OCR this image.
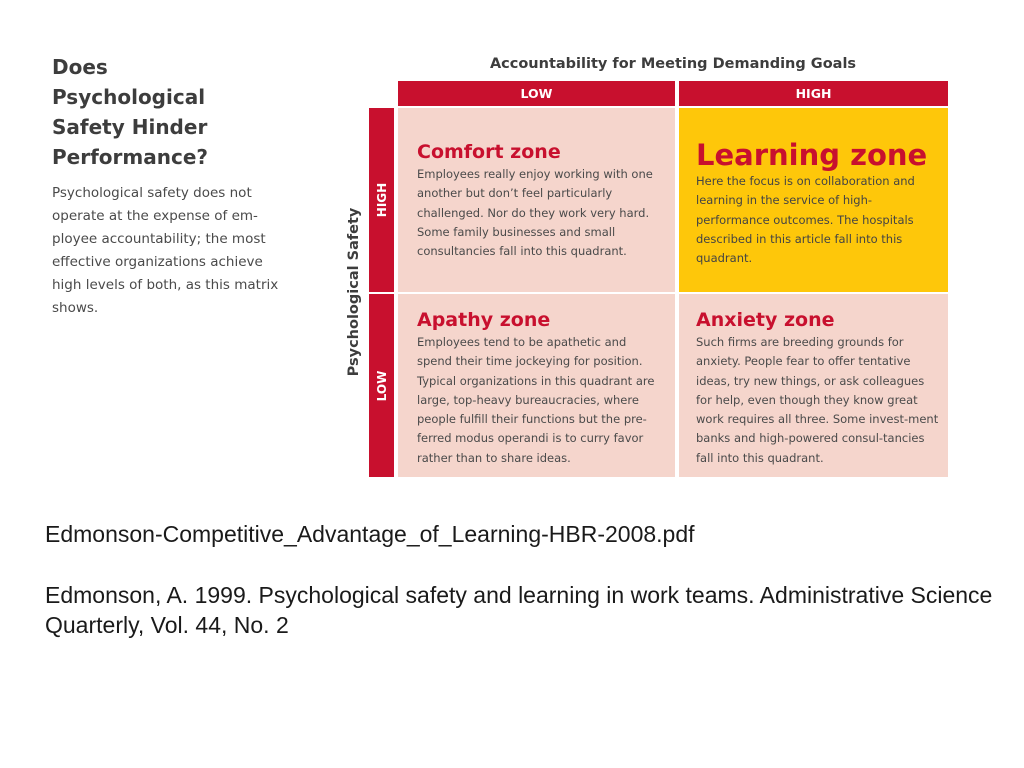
Does Psychological Safety Hinder Performance?

Psychological safety does not operate at the expense of em-ployee accountability; the most effective organizations achieve high levels of both, as this matrix shows.

Accountability for Meeting Demanding Goals
LOW	HIGH
Psychological Safety
HIGH
LOW
Comfort zone

Employees really enjoy working with one another but don’t feel particularly challenged. Nor do they work very hard. Some family businesses and small consultancies fall into this quadrant.

Learning zone

Here the focus is on collaboration and learning in the service of high-performance outcomes. The hospitals described in this article fall into this quadrant.

Apathy zone

Employees tend to be apathetic and spend their time jockeying for position. Typical organizations in this quadrant are large, top-heavy bureaucracies, where people fulfill their functions but the pre-ferred modus operandi is to curry favor rather than to share ideas.

Anxiety zone

Such firms are breeding grounds for anxiety. People fear to offer tentative ideas, try new things, or ask colleagues for help, even though they know great work requires all three. Some invest-ment banks and high-powered consul-tancies fall into this quadrant.

Edmonson-Competitive_Advantage_of_Learning-HBR-2008.pdf

Edmonson, A. 1999. Psychological safety and learning in work teams. Administrative Science Quarterly, Vol. 44, No. 2
